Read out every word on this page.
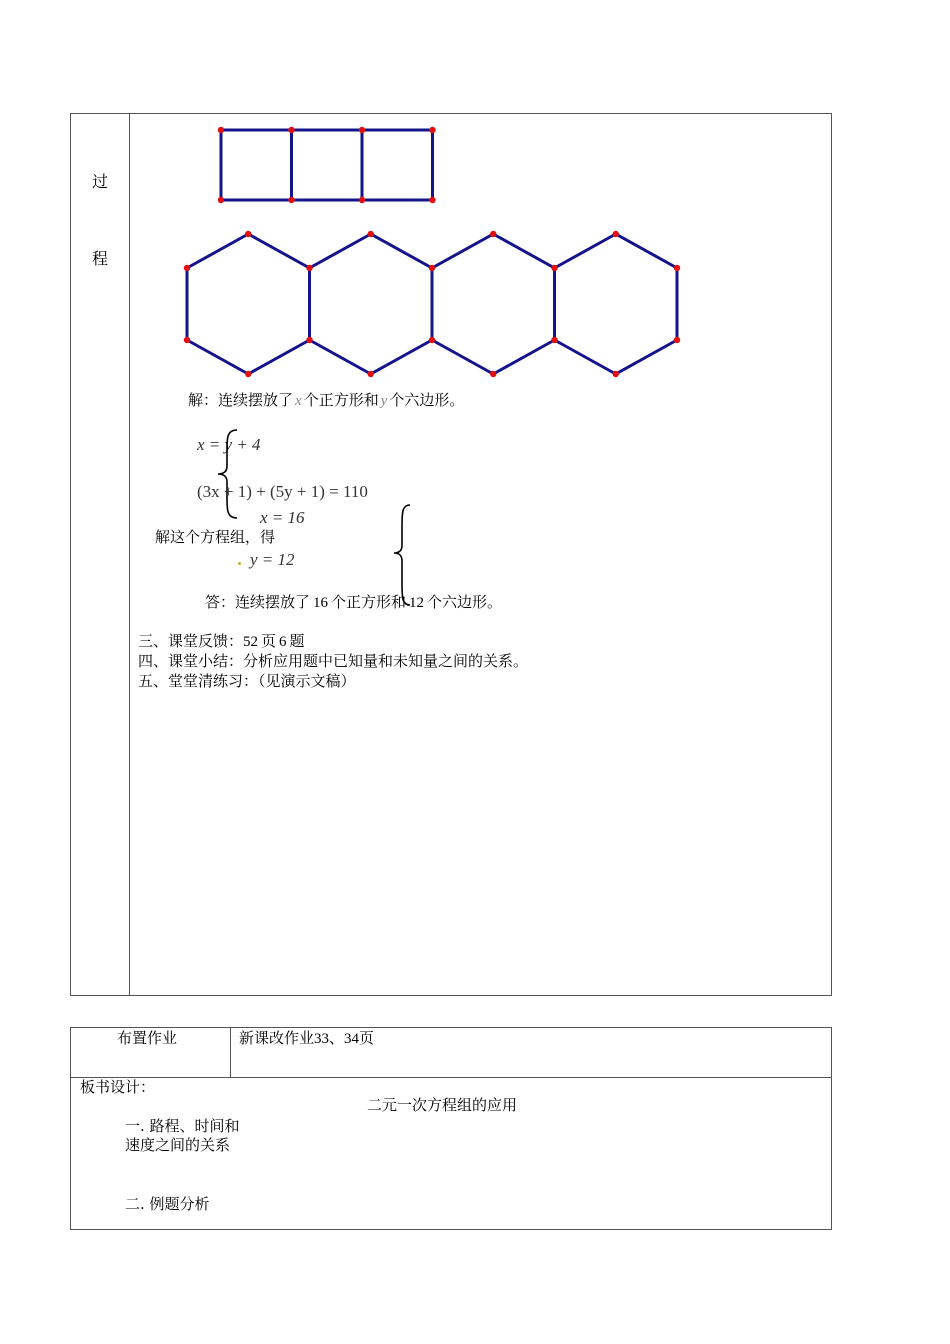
过
程
解：连续摆放了 x 个正方形和 y 个六边形。
x = y + 4
(3x + 1) + (5y + 1) = 110
x = 16
解这个方程组，得
y = 12
答：连续摆放了 16 个正方形和 12 个六边形。
三、课堂反馈：52 页 6 题
四、课堂小结：分析应用题中已知量和未知量之间的关系。
五、堂堂清练习：（见演示文稿）
布置作业	新课改作业33、34页
板书设计：
二元一次方程组的应用
一. 路程、时间和
速度之间的关系
二. 例题分析
